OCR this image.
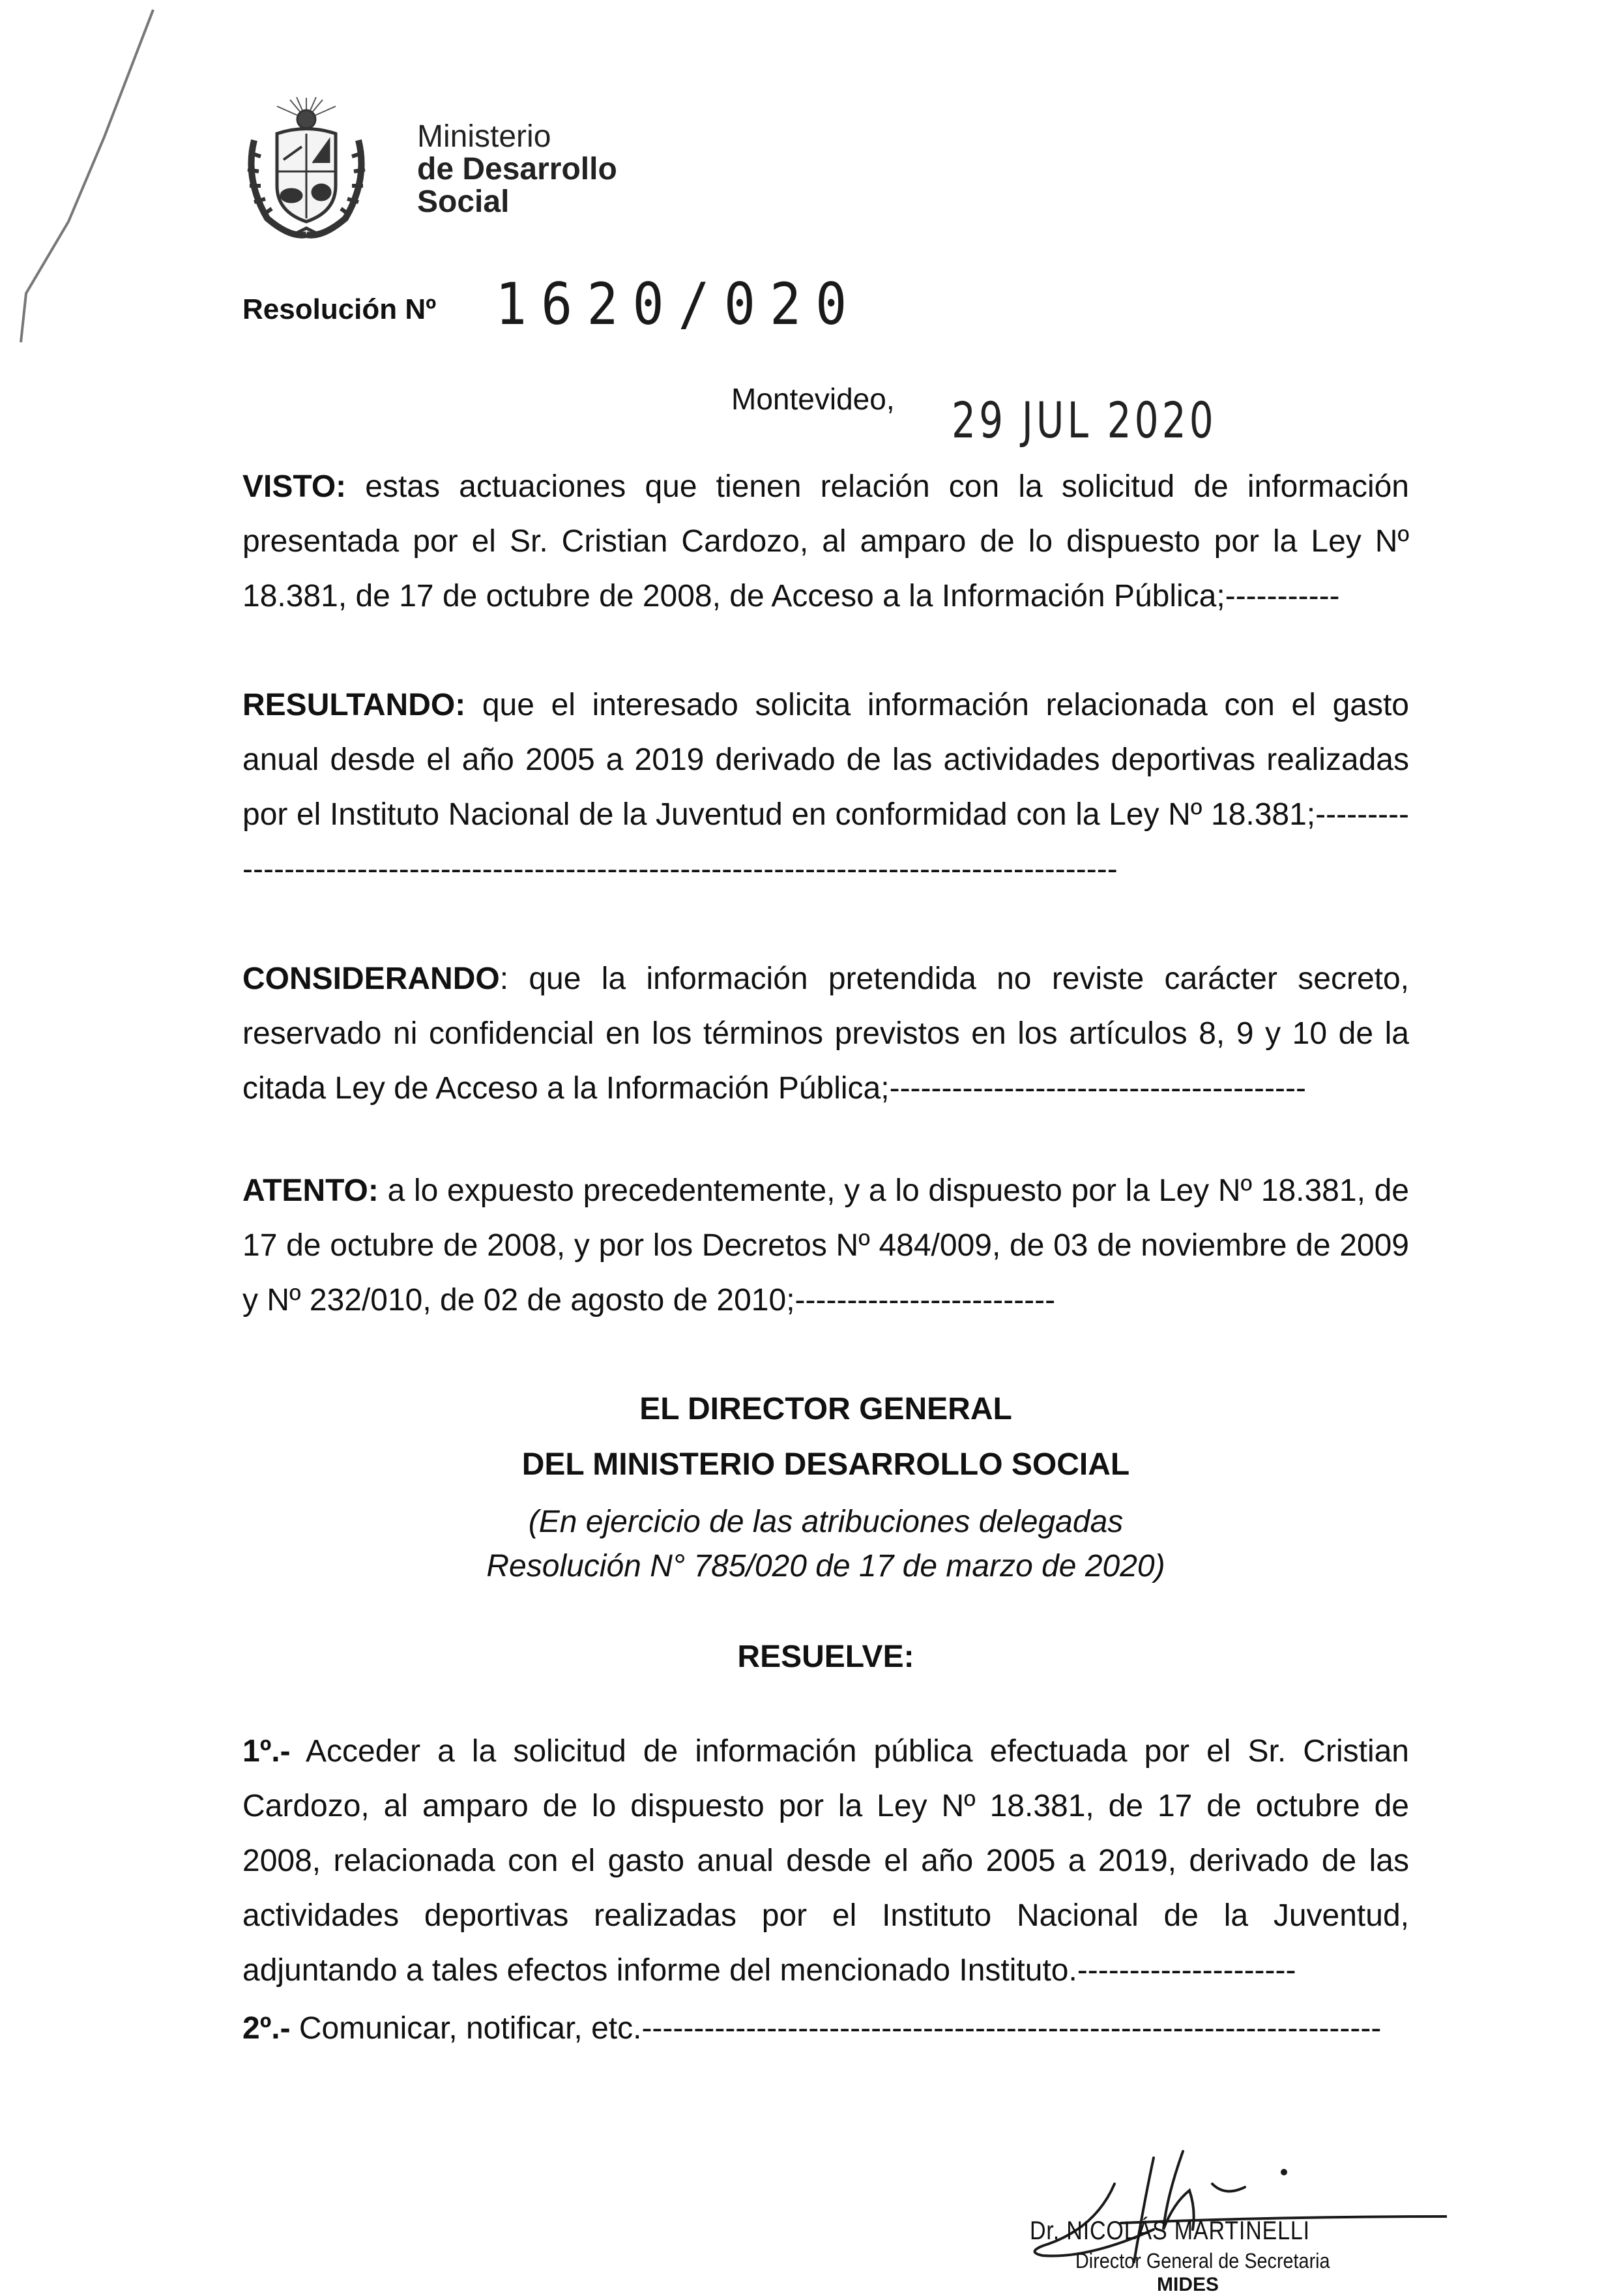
Ministerio
de Desarrollo
Social
Resolución Nº 1620/020
Montevideo, 29 JUL 2020

VISTO: estas actuaciones que tienen relación con la solicitud de información presentada por el Sr. Cristian Cardozo, al amparo de lo dispuesto por la Ley Nº 18.381, de 17 de octubre de 2008, de Acceso a la Información Pública;-----------

RESULTANDO: que el interesado solicita información relacionada con el gasto anual desde el año 2005 a 2019 derivado de las actividades deportivas realizadas por el Instituto Nacional de la Juventud en conformidad con la Ley Nº 18.381;---------------------------------------------------------------------------------------------

CONSIDERANDO: que la información pretendida no reviste carácter secreto, reservado ni confidencial en los términos previstos en los artículos 8, 9 y 10 de la citada Ley de Acceso a la Información Pública;----------------------------------------

ATENTO: a lo expuesto precedentemente, y a lo dispuesto por la Ley Nº 18.381, de 17 de octubre de 2008, y por los Decretos Nº 484/009, de 03 de noviembre de 2009 y Nº 232/010, de 02 de agosto de 2010;-------------------------

EL DIRECTOR GENERAL
DEL MINISTERIO DESARROLLO SOCIAL
(En ejercicio de las atribuciones delegadas
Resolución N° 785/020 de 17 de marzo de 2020)
RESUELVE:

1º.- Acceder a la solicitud de información pública efectuada por el Sr. Cristian Cardozo, al amparo de lo dispuesto por la Ley Nº 18.381, de 17 de octubre de 2008, relacionada con el gasto anual desde el año 2005 a 2019, derivado de las actividades deportivas realizadas por el Instituto Nacional de la Juventud, adjuntando a tales efectos informe del mencionado Instituto.---------------------

2º.- Comunicar, notificar, etc.-----------------------------------------------------------------------

Dr. NICOLÁS MARTINELLI
Director General de Secretaria
MIDES
